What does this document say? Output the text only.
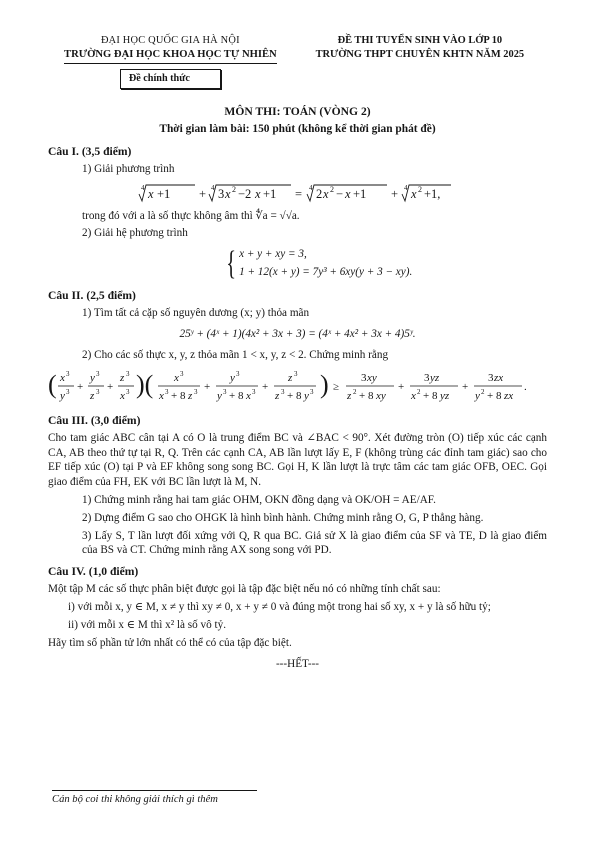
ĐẠI HỌC QUỐC GIA HÀ NỘI
TRƯỜNG ĐẠI HỌC KHOA HỌC TỰ NHIÊN
Đề chính thức
ĐỀ THI TUYỂN SINH VÀO LỚP 10
TRƯỜNG THPT CHUYÊN KHTN NĂM 2025
MÔN THI: TOÁN (VÒNG 2)
Thời gian làm bài: 150 phút (không kể thời gian phát đề)
Câu I. (3,5 điểm)
1) Giải phương trình
4 x +1 + 4 3 x 2 −2 x +1 = 4 2 x 2 − x +1 + 4 x 2 +1,
trong đó với a là số thực không âm thì ∜a = √√a.
2) Giải hệ phương trình
{ x + y + xy = 3,
1 + 12(x + y) = 7y³ + 6xy(y + 3 − xy).
Câu II. (2,5 điểm)
1) Tìm tất cả cặp số nguyên dương (x; y) thỏa mãn
25ʸ + (4ˣ + 1)(4x² + 3x + 3) = (4ˣ + 4x² + 3x + 4)5ʸ.
2) Cho các số thực x, y, z thỏa mãn 1 < x, y, z < 2. Chứng minh rằng
( x 3
y 3 +
y 3
z 3 +
z 3
x 3 )( x 3
x 3 + 8 z 3 +
y 3
y 3 + 8 x 3 +
z 3
z 3 + 8 y 3 ) ≥
3 xy
z 2 + 8 xy
+
3 yz
x 2 + 8 yz
+
3 zx
y 2 + 8 zx
.
Câu III. (3,0 điểm)
Cho tam giác ABC cân tại A có O là trung điểm BC và ∠BAC < 90°. Xét đường tròn (O) tiếp xúc các cạnh CA, AB theo thứ tự tại R, Q. Trên các cạnh CA, AB lần lượt lấy E, F (không trùng các đỉnh tam giác) sao cho EF tiếp xúc (O) tại P và EF không song song BC. Gọi H, K lần lượt là trực tâm các tam giác OFB, OEC. Gọi giao điểm của FH, EK với BC lần lượt là M, N.
1) Chứng minh rằng hai tam giác OHM, OKN đồng dạng và OK/OH = AE/AF.
2) Dựng điểm G sao cho OHGK là hình bình hành. Chứng minh rằng O, G, P thẳng hàng.
3) Lấy S, T lần lượt đối xứng với Q, R qua BC. Giả sử X là giao điểm của SF và TE, D là giao điểm của BS và CT. Chứng minh rằng AX song song với PD.
Câu IV. (1,0 điểm)
Một tập M các số thực phân biệt được gọi là tập đặc biệt nếu nó có những tính chất sau:
i) với mỗi x, y ∈ M, x ≠ y thì xy ≠ 0, x + y ≠ 0 và đúng một trong hai số xy, x + y là số hữu tỷ;
ii) với mỗi x ∈ M thì x² là số vô tỷ.
Hãy tìm số phần tử lớn nhất có thể có của tập đặc biệt.
---HẾT---
Cán bộ coi thi không giải thích gì thêm
